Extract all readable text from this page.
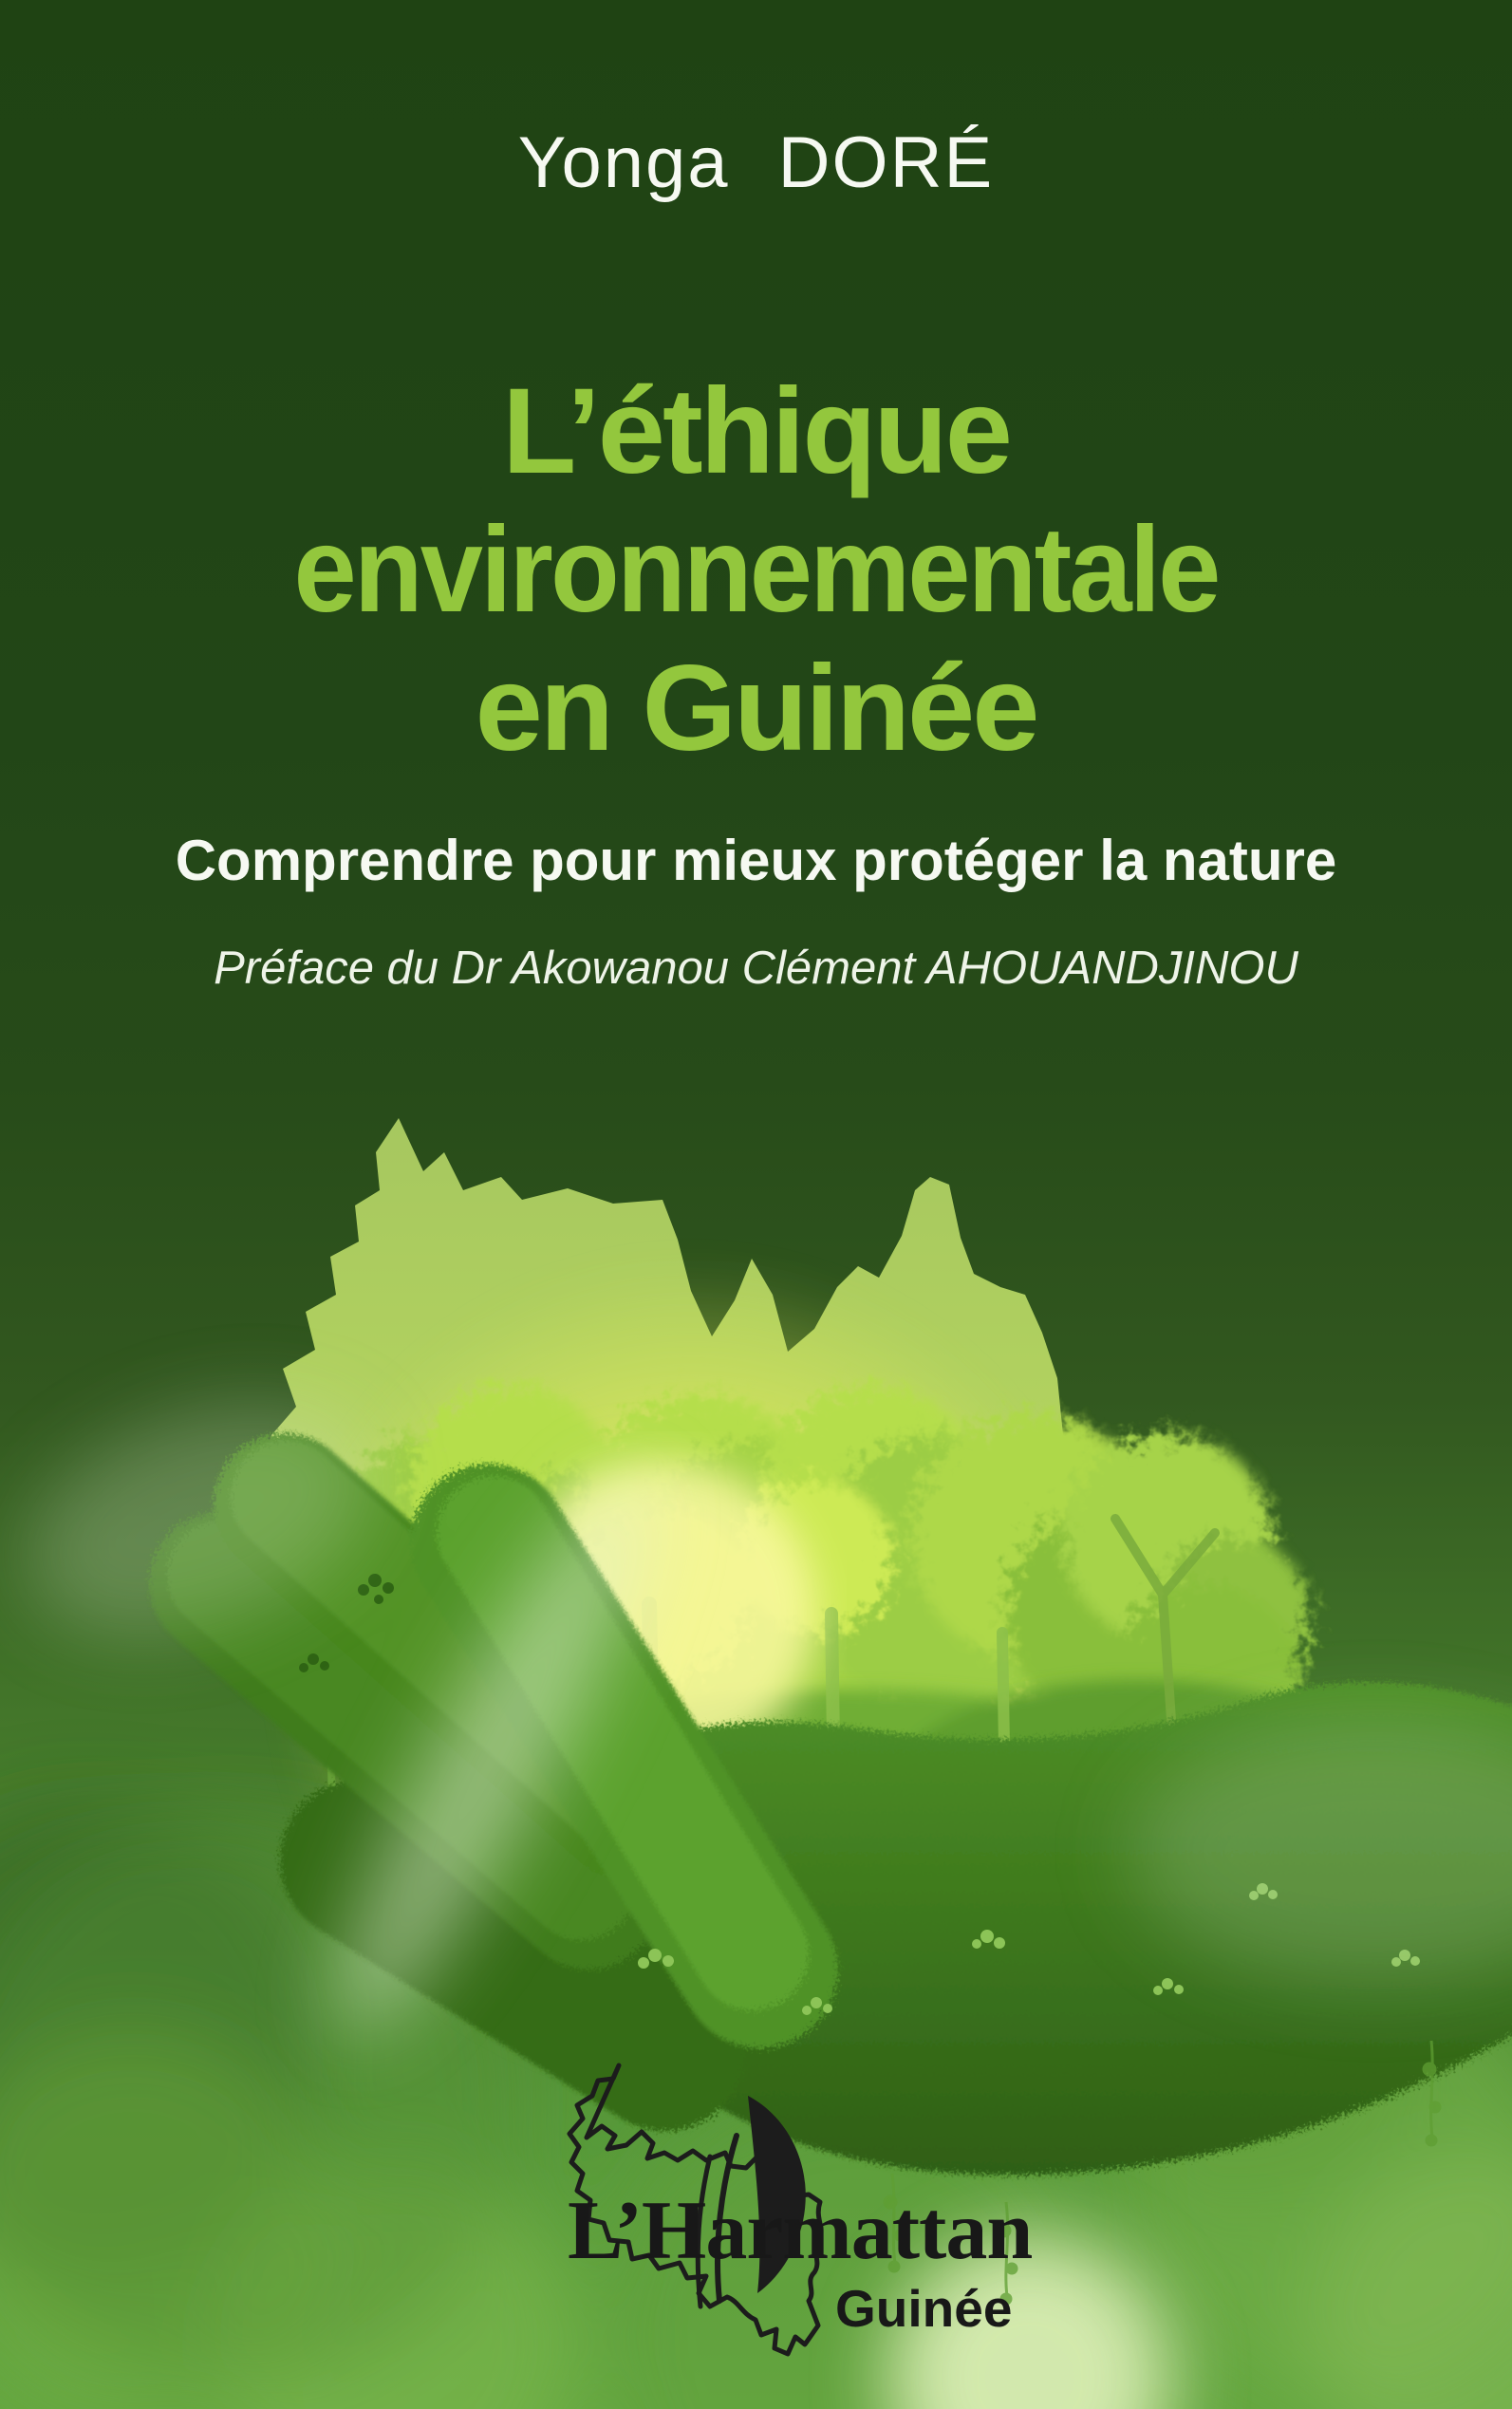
Yonga DORÉ
L’éthique
environnementale
en Guinée
Comprendre pour mieux protéger la nature
Préface du Dr Akowanou Clément AHOUANDJINOU
L’Harmattan
Guinée
